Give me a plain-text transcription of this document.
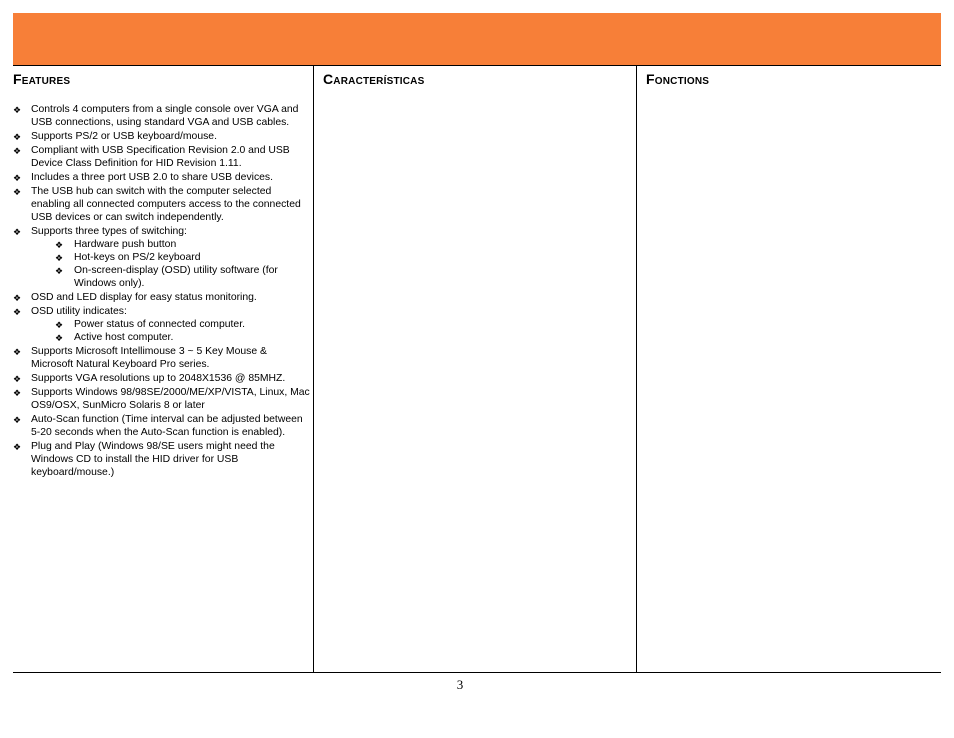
Features
❖ Controls 4 computers from a single console over VGA and USB connections, using standard VGA and USB cables.
❖ Supports PS/2 or USB keyboard/mouse.
❖ Compliant with USB Specification Revision 2.0 and USB Device Class Definition for HID Revision 1.11.
❖ Includes a three port USB 2.0 to share USB devices.
❖ The USB hub can switch with the computer selected enabling all connected computers access to the connected USB devices or can switch independently.
❖ Supports three types of switching:
❖ Hardware push button
❖ Hot-keys on PS/2 keyboard
❖ On-screen-display (OSD) utility software (for Windows only).
❖ OSD and LED display for easy status monitoring.
❖ OSD utility indicates:
❖ Power status of connected computer.
❖ Active host computer.
❖ Supports Microsoft Intellimouse 3 ~ 5 Key Mouse & Microsoft Natural Keyboard Pro series.
❖ Supports VGA resolutions up to 2048X1536 @ 85MHZ.
❖ Supports Windows 98/98SE/2000/ME/XP/VISTA, Linux, Mac OS9/OSX, SunMicro Solaris 8 or later
❖ Auto-Scan function (Time interval can be adjusted between 5-20 seconds when the Auto-Scan function is enabled).
❖ Plug and Play (Windows 98/SE users might need the Windows CD to install the HID driver for USB keyboard/mouse.)
Características	Fonctions
3
